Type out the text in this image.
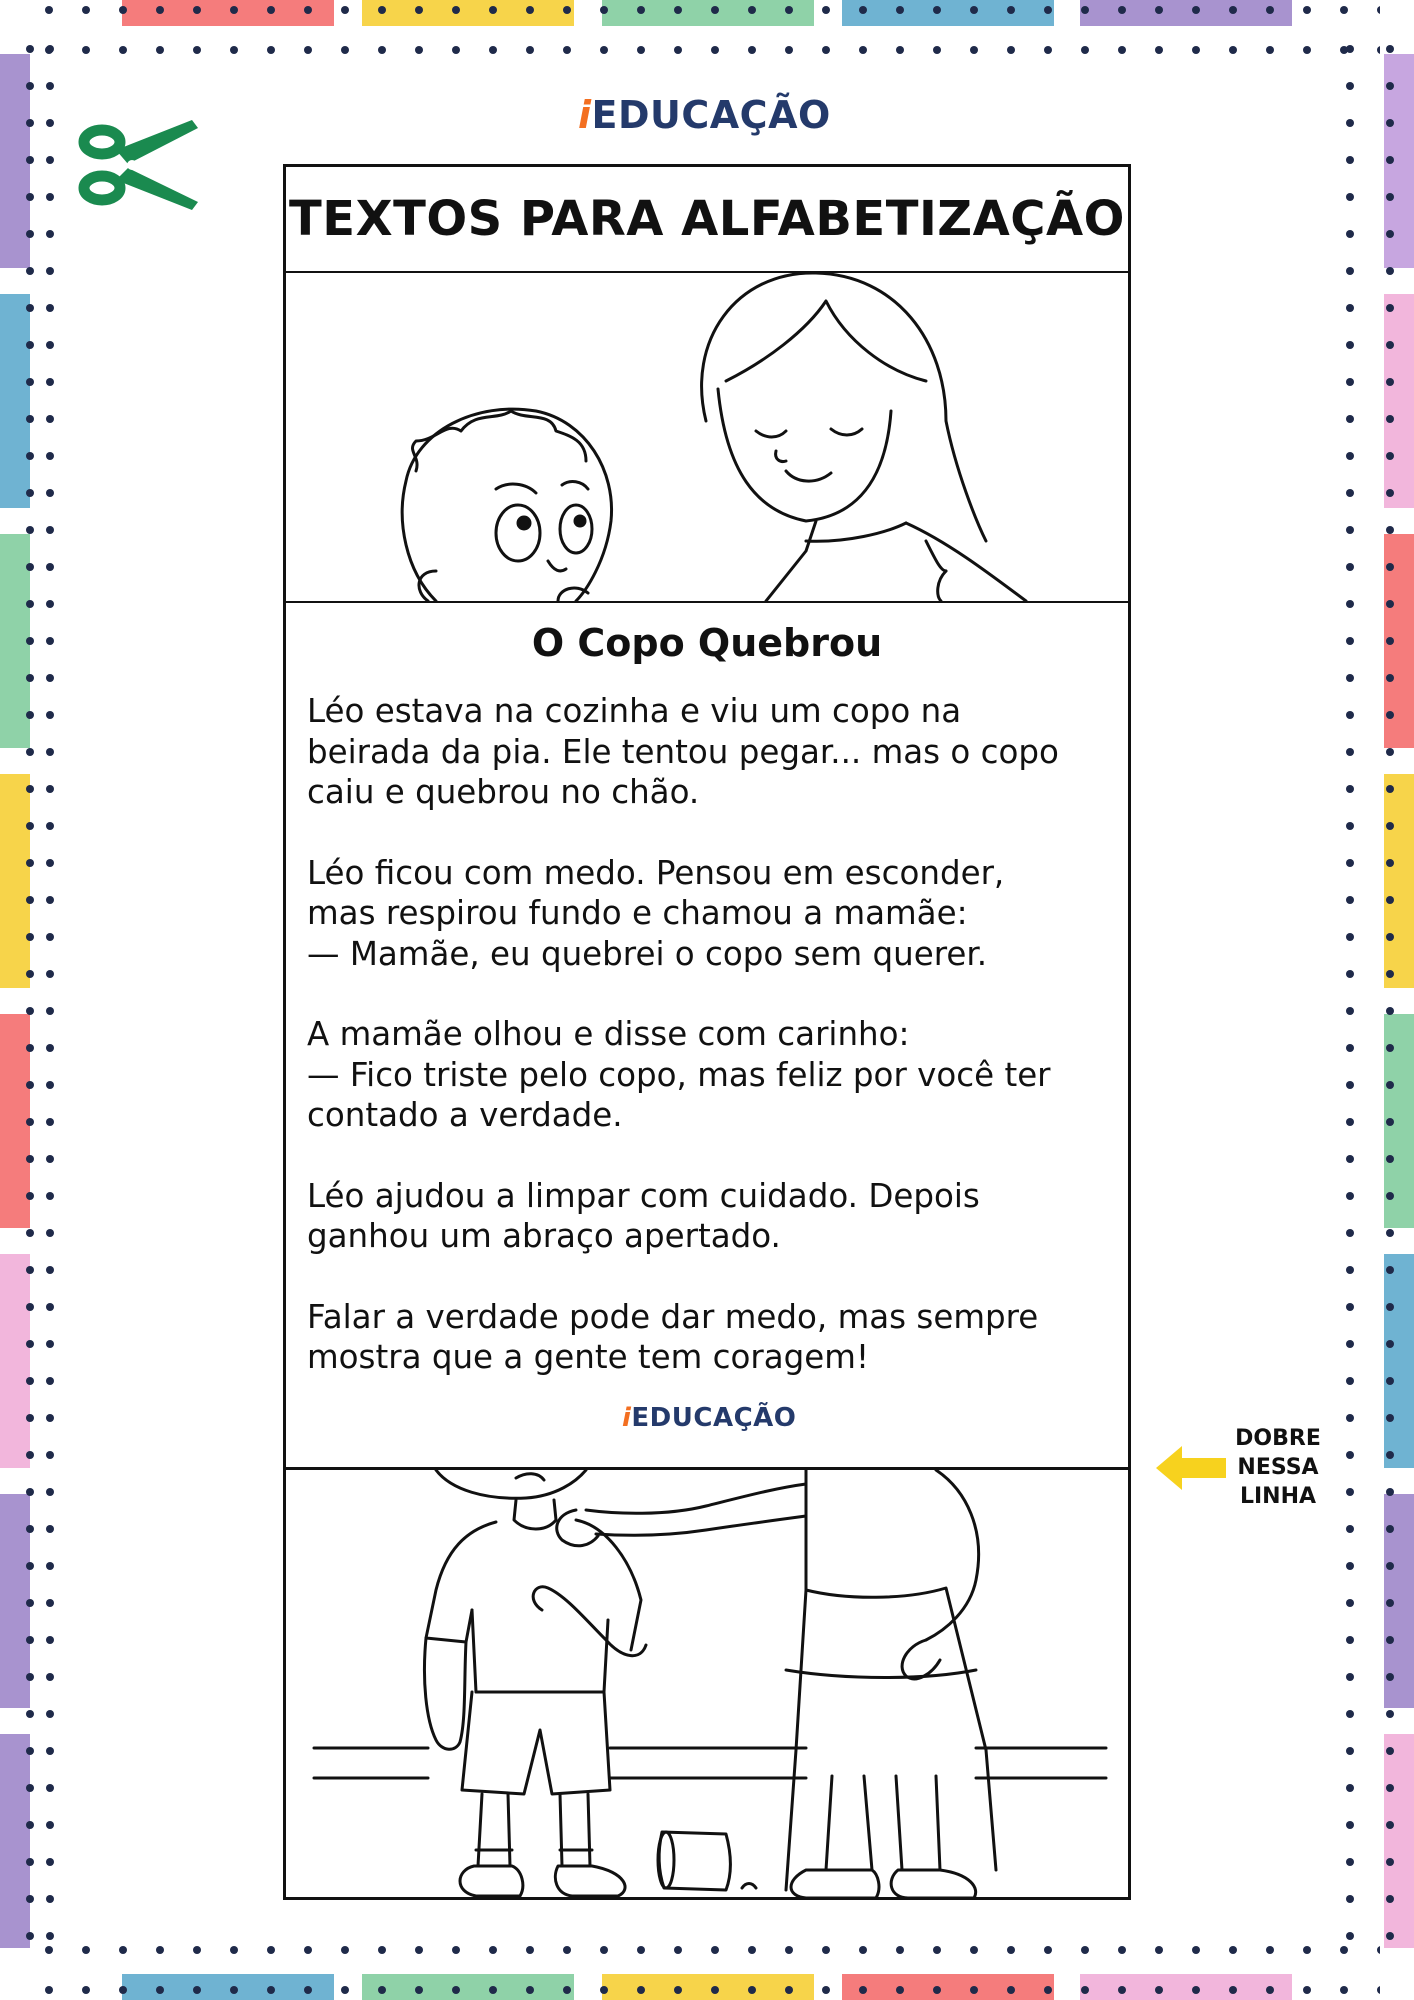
i EDUCAÇÃO
TEXTOS PARA ALFABETIZAÇÃO
O Copo Quebrou

Léo estava na cozinha e viu um copo na
beirada da pia. Ele tentou pegar... mas o copo
caiu e quebrou no chão.

Léo ficou com medo. Pensou em esconder,
mas respirou fundo e chamou a mamãe:
— Mamãe, eu quebrei o copo sem querer.

A mamãe olhou e disse com carinho:
— Fico triste pelo copo, mas feliz por você ter
contado a verdade.

Léo ajudou a limpar com cuidado. Depois
ganhou um abraço apertado.

Falar a verdade pode dar medo, mas sempre
mostra que a gente tem coragem!

i EDUCAÇÃO
DOBRE
NESSA
LINHA
